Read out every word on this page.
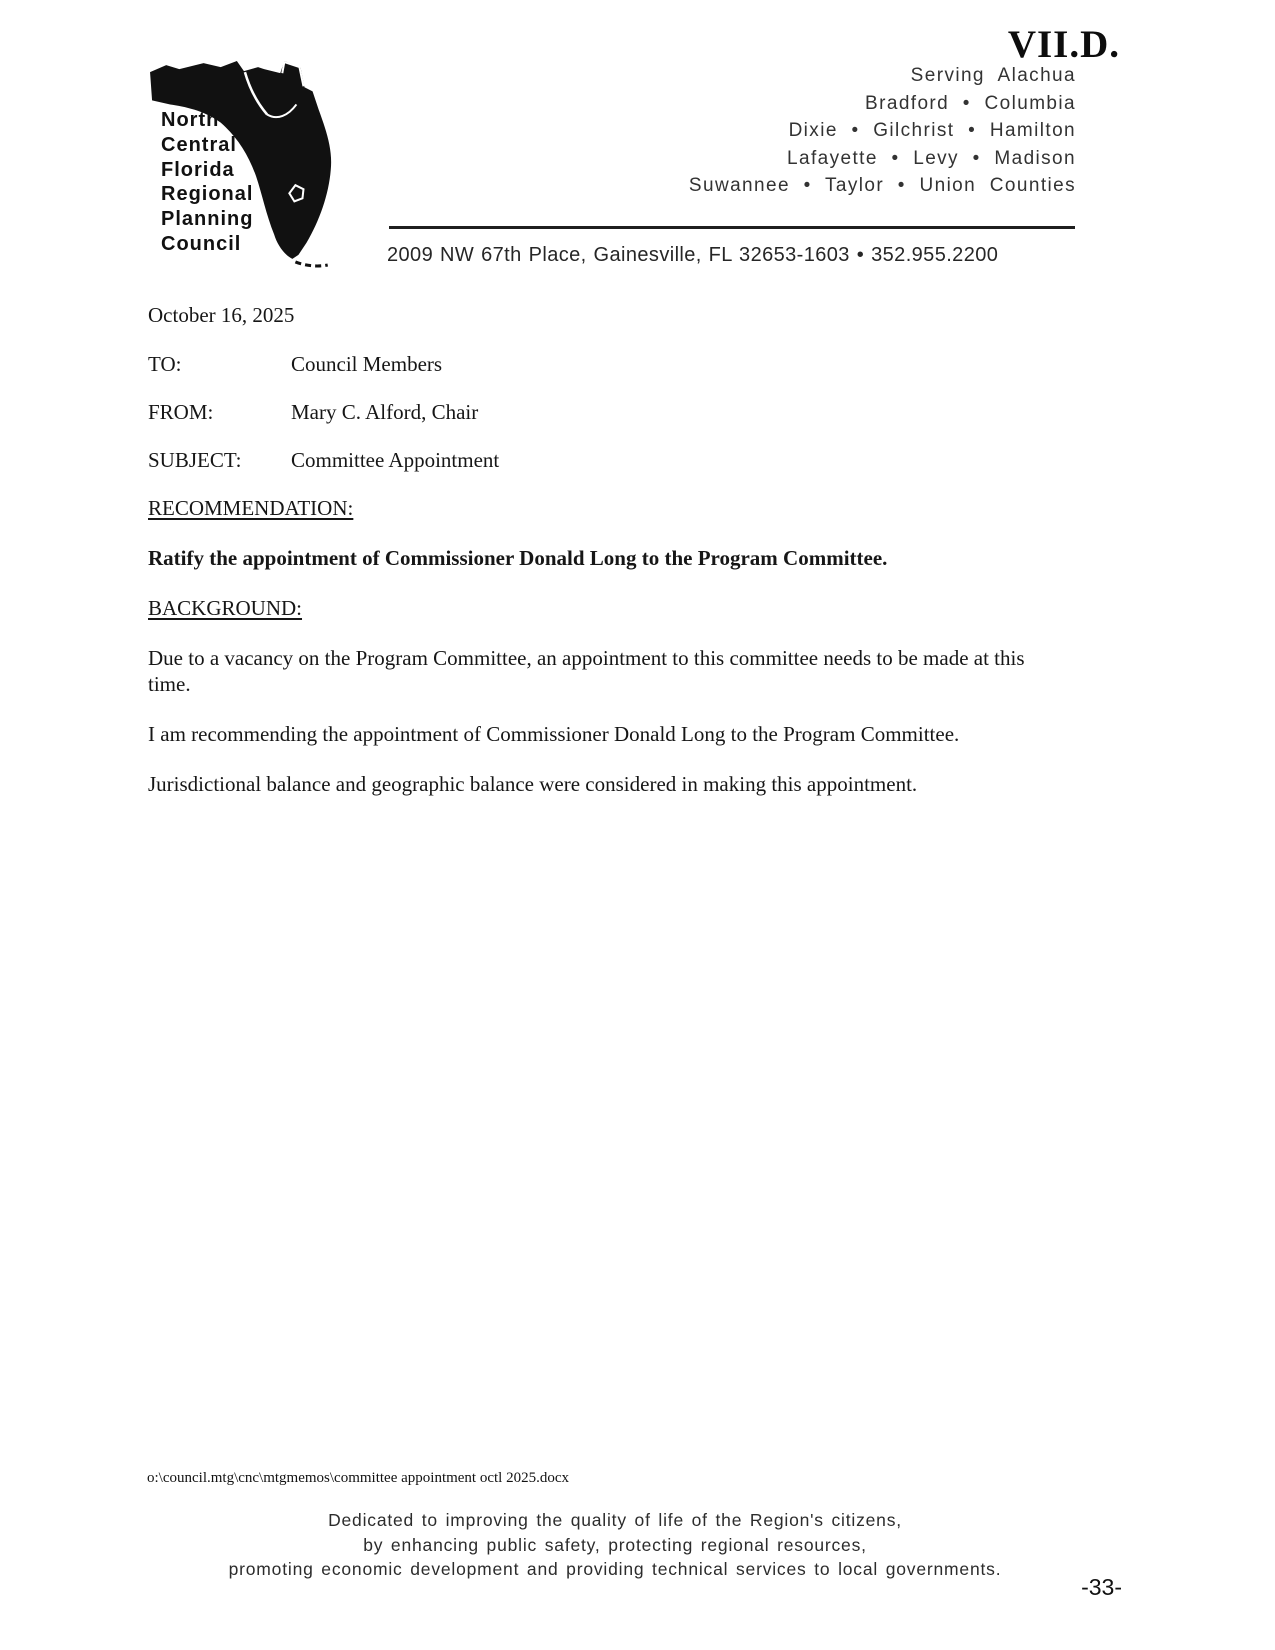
VII.D.
North
Central
Florida
Regional
Planning
Council
Serving Alachua
Bradford • Columbia
Dixie • Gilchrist • Hamilton
Lafayette • Levy • Madison
Suwannee • Taylor • Union Counties
2009 NW 67th Place, Gainesville, FL 32653-1603 • 352.955.2200
October 16, 2025
TO:	Council Members
FROM:	Mary C. Alford, Chair
SUBJECT:	Committee Appointment
RECOMMENDATION:
Ratify the appointment of Commissioner Donald Long to the Program Committee.
BACKGROUND:
Due to a vacancy on the Program Committee, an appointment to this committee needs to be made at this time.
I am recommending the appointment of Commissioner Donald Long to the Program Committee.
Jurisdictional balance and geographic balance were considered in making this appointment.
o:\council.mtg\cnc\mtgmemos\committee appointment octl 2025.docx
Dedicated to improving the quality of life of the Region's citizens,
by enhancing public safety, protecting regional resources,
promoting economic development and providing technical services to local governments.
-33-
